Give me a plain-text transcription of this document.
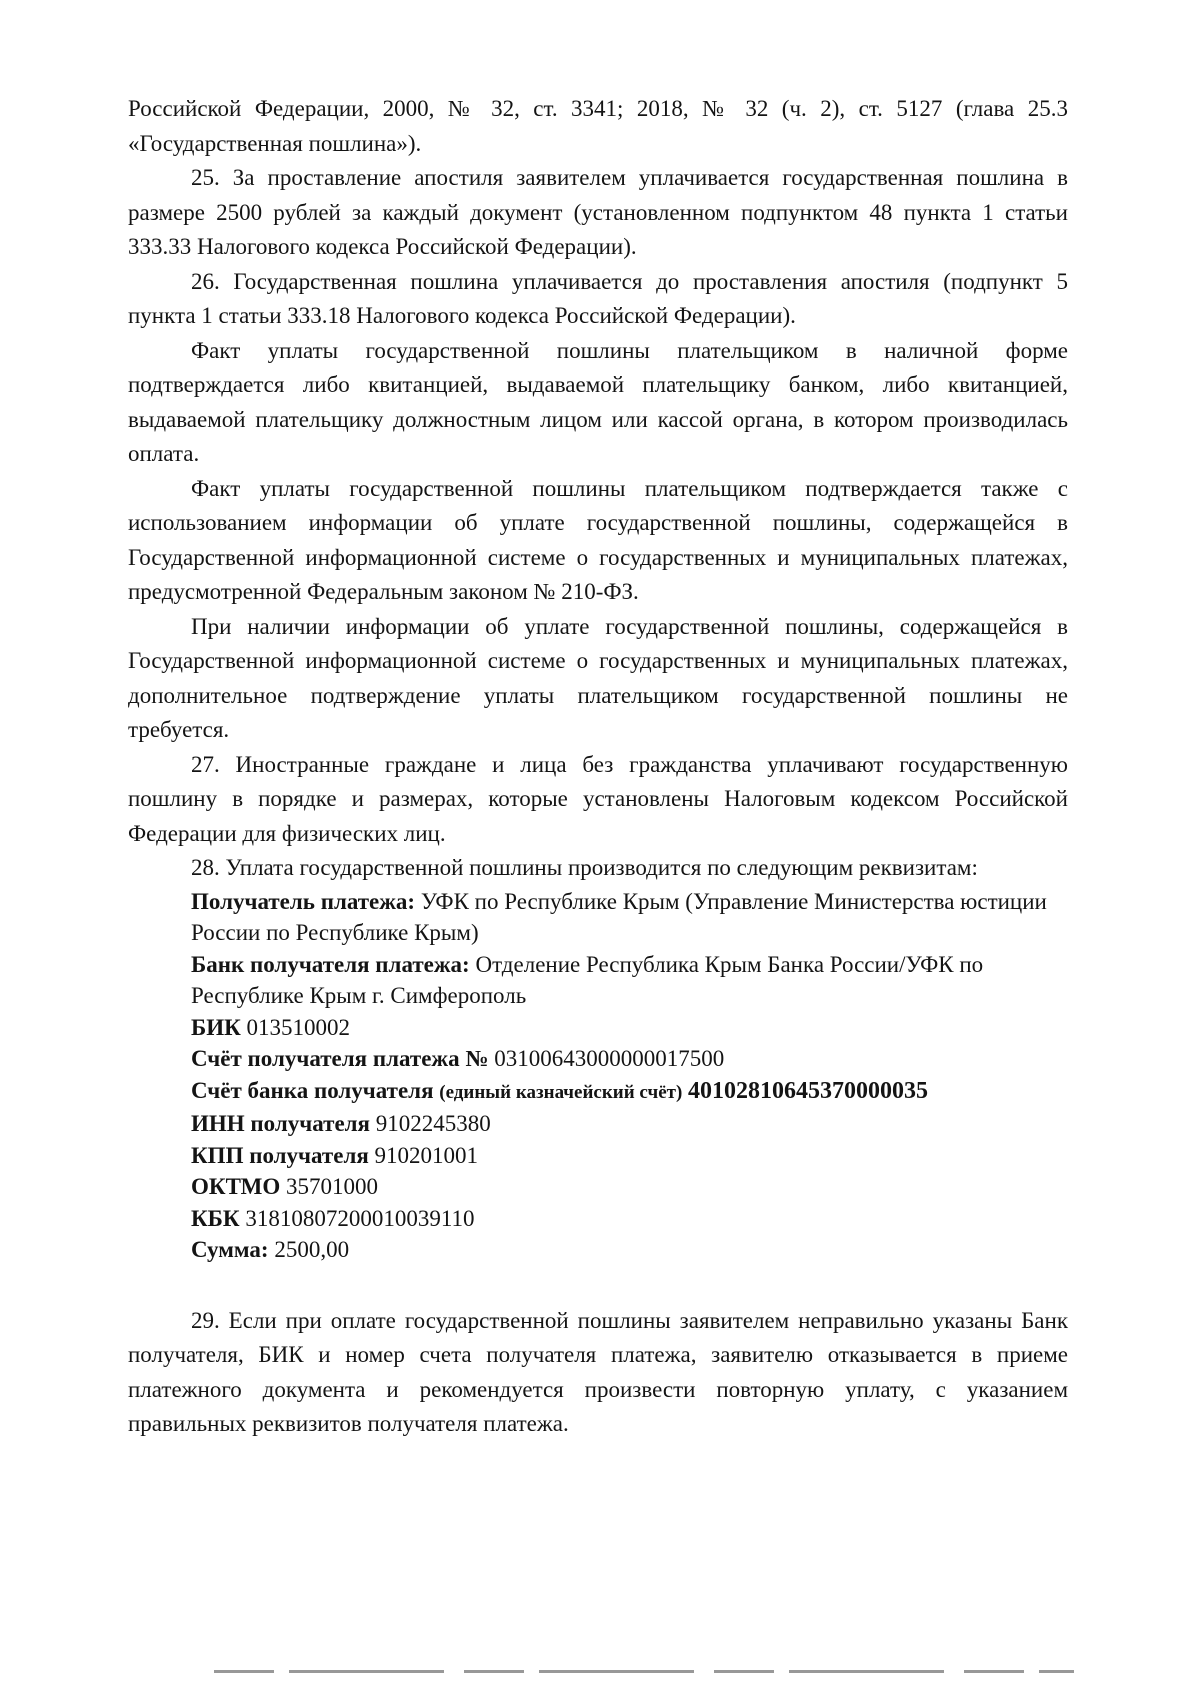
Российской Федерации, 2000, № 32, ст. 3341; 2018, № 32 (ч. 2), ст. 5127 (глава 25.3 «Государственная пошлина»).

25. За проставление апостиля заявителем уплачивается государственная пошлина в размере 2500 рублей за каждый документ (установленном подпунктом 48 пункта 1 статьи 333.33 Налогового кодекса Российской Федерации).

26. Государственная пошлина уплачивается до проставления апостиля (подпункт 5 пункта 1 статьи 333.18 Налогового кодекса Российской Федерации).

Факт уплаты государственной пошлины плательщиком в наличной форме подтверждается либо квитанцией, выдаваемой плательщику банком, либо квитанцией, выдаваемой плательщику должностным лицом или кассой органа, в котором производилась оплата.

Факт уплаты государственной пошлины плательщиком подтверждается также с использованием информации об уплате государственной пошлины, содержащейся в Государственной информационной системе о государственных и муниципальных платежах, предусмотренной Федеральным законом № 210-ФЗ.

При наличии информации об уплате государственной пошлины, содержащейся в Государственной информационной системе о государственных и муниципальных платежах, дополнительное подтверждение уплаты плательщиком государственной пошлины не требуется.

27. Иностранные граждане и лица без гражданства уплачивают государственную пошлину в порядке и размерах, которые установлены Налоговым кодексом Российской Федерации для физических лиц.

28. Уплата государственной пошлины производится по следующим реквизитам:

Получатель платежа: УФК по Республике Крым (Управление Министерства юстиции России по Республике Крым)

Банк получателя платежа: Отделение Республика Крым Банка России/УФК по Республике Крым г. Симферополь

БИК 013510002

Счёт получателя платежа № 03100643000000017500

Счёт банка получателя (единый казначейский счёт) 40102810645370000035

ИНН получателя 9102245380

КПП получателя 910201001

ОКТМО 35701000

КБК 31810807200010039110

Сумма: 2500,00

29. Если при оплате государственной пошлины заявителем неправильно указаны Банк получателя, БИК и номер счета получателя платежа, заявителю отказывается в приеме платежного документа и рекомендуется произвести повторную уплату, с указанием правильных реквизитов получателя платежа.
